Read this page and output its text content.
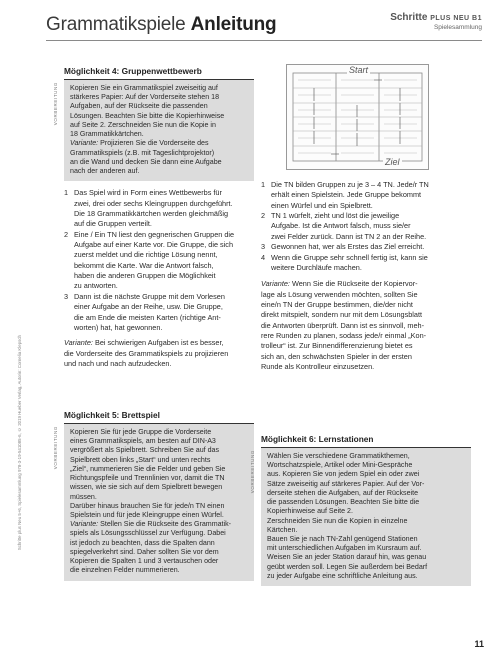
Grammatikspiele Anleitung	Schritte PLUS NEU B1
Spielesammlung
Schritte plus Neu 5+6, Spielesammlung 978-3-19-541085-6, © 2019 Hueber Verlag, Autorin: Cornelia Klepsch
Möglichkeit 4: Gruppenwettbewerb
VORBEREITUNG Kopieren Sie ein Grammatikspiel zweiseitig auf
stärkeres Papier: Auf der Vorderseite stehen 18
Aufgaben, auf der Rückseite die passenden
Lösungen. Beachten Sie bitte die Kopierhinweise
auf Seite 2. Zerschneiden Sie nun die Kopie in
18 Grammatikkärtchen.
Variante: Projizieren Sie die Vorderseite des
Grammatikspiels (z.B. mit Tageslichtprojektor)
an die Wand und decken Sie dann eine Aufgabe
nach der anderen auf.
1 Das Spiel wird in Form eines Wettbewerbs für
zwei, drei oder sechs Kleingruppen durchgeführt.
Die 18 Grammatikkärtchen werden gleichmäßig
auf die Gruppen verteilt.
2 Eine / Ein TN liest den gegnerischen Gruppen die
Aufgabe auf einer Karte vor. Die Gruppe, die sich
zuerst meldet und die richtige Lösung nennt,
bekommt die Karte. War die Antwort falsch,
haben die anderen Gruppen die Möglichkeit
zu antworten.
3 Dann ist die nächste Gruppe mit dem Vorlesen
einer Aufgabe an der Reihe, usw. Die Gruppe,
die am Ende die meisten Karten (richtige Ant-
worten) hat, hat gewonnen.
Variante: Bei schwierigen Aufgaben ist es besser,
die Vorderseite des Grammatikspiels zu projizieren
und nach und nach aufzudecken.
Möglichkeit 5: Brettspiel
VORBEREITUNG Kopieren Sie für jede Gruppe die Vorderseite
eines Grammatikspiels, am besten auf DIN-A3
vergrößert als Spielbrett. Schreiben Sie auf das
Spielbrett oben links „Start“ und unten rechts
„Ziel“, nummerieren Sie die Felder und geben Sie
Richtungspfeile und Trennlinien vor, damit die TN
wissen, wie sie sich auf dem Spielbrett bewegen
müssen.
Darüber hinaus brauchen Sie für jede/n TN einen
Spielstein und für jede Kleingruppe einen Würfel.
Variante: Stellen Sie die Rückseite des Grammatik-
spiels als Lösungsschlüssel zur Verfügung. Dabei
ist jedoch zu beachten, dass die Spalten dann
spiegelverkehrt sind. Daher sollten Sie vor dem
Kopieren die Spalten 1 und 3 vertauschen oder
die einzelnen Felder nummerieren.
Start
Ziel
1 Die TN bilden Gruppen zu je 3 – 4 TN. Jede/r TN
erhält einen Spielstein. Jede Gruppe bekommt
einen Würfel und ein Spielbrett.
2 TN 1 würfelt, zieht und löst die jeweilige
Aufgabe. Ist die Antwort falsch, muss sie/er
zwei Felder zurück. Dann ist TN 2 an der Reihe.
3 Gewonnen hat, wer als Erstes das Ziel erreicht.
4 Wenn die Gruppe sehr schnell fertig ist, kann sie
weitere Durchläufe machen.
Variante: Wenn Sie die Rückseite der Kopiervor-
lage als Lösung verwenden möchten, sollten Sie
eine/n TN der Gruppe bestimmen, die/der nicht
direkt mitspielt, sondern nur mit dem Lösungsblatt
die Antworten überprüft. Dann ist es sinnvoll, meh-
rere Runden zu planen, sodass jede/r einmal „Kon-
trolleur“ ist. Zur Binnendifferenzierung bietet es
sich an, den schwächsten Spieler in der ersten
Runde als Kontrolleur einzusetzen.
Möglichkeit 6: Lernstationen
VORBEREITUNG Wählen Sie verschiedene Grammatikthemen,
Wortschatzspiele, Artikel oder Mini-Gespräche
aus. Kopieren Sie von jedem Spiel ein oder zwei
Sätze zweiseitig auf stärkeres Papier. Auf der Vor-
derseite stehen die Aufgaben, auf der Rückseite
die passenden Lösungen. Beachten Sie bitte die
Kopierhinweise auf Seite 2.
Zerschneiden Sie nun die Kopien in einzelne
Kärtchen.
Bauen Sie je nach TN-Zahl genügend Stationen
mit unterschiedlichen Aufgaben im Kursraum auf.
Weisen Sie an jeder Station darauf hin, was genau
geübt werden soll. Legen Sie außerdem bei Bedarf
zu jeder Aufgabe eine schriftliche Anleitung aus.
11
